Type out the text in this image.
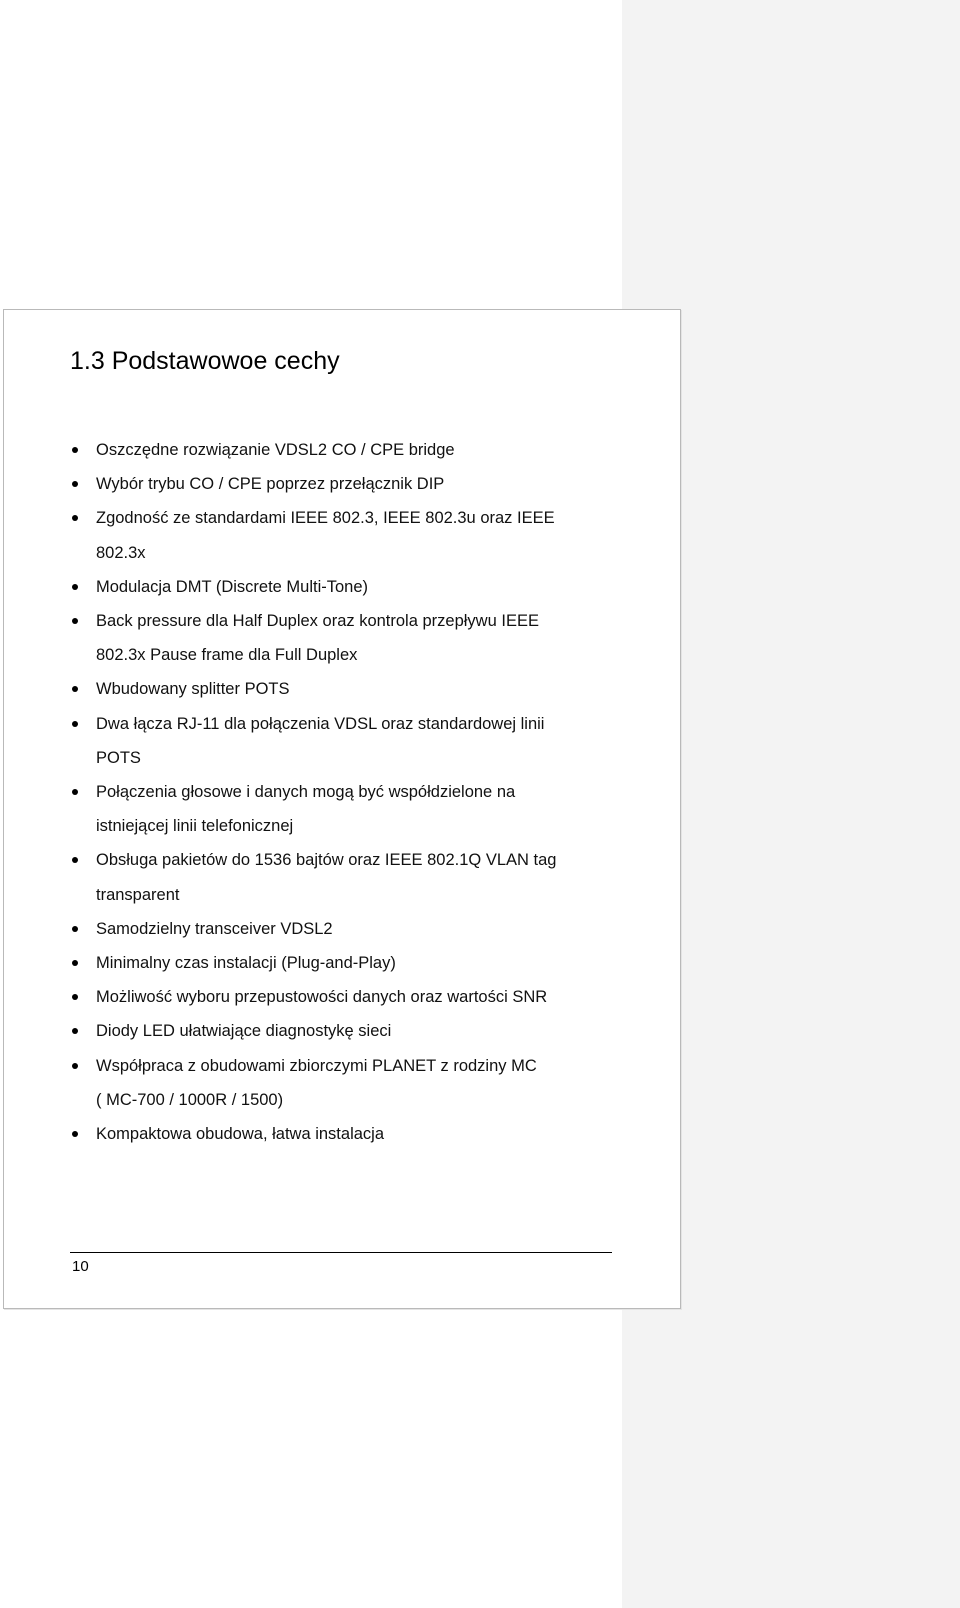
1.3 Podstawowoe cechy
Oszczędne rozwiązanie VDSL2 CO / CPE bridge
Wybór trybu CO / CPE poprzez przełącznik DIP
Zgodność ze standardami IEEE 802.3, IEEE 802.3u oraz IEEE
802.3x
Modulacja DMT (Discrete Multi-Tone)
Back pressure dla Half Duplex oraz kontrola przepływu IEEE
802.3x Pause frame dla Full Duplex
Wbudowany splitter POTS
Dwa łącza RJ-11 dla połączenia VDSL oraz standardowej linii
POTS
Połączenia głosowe i danych mogą być współdzielone na
istniejącej linii telefonicznej
Obsługa pakietów do 1536 bajtów oraz IEEE 802.1Q VLAN tag
transparent
Samodzielny transceiver VDSL2
Minimalny czas instalacji (Plug-and-Play)
Możliwość wyboru przepustowości danych oraz wartości SNR
Diody LED ułatwiające diagnostykę sieci
Współpraca z obudowami zbiorczymi PLANET z rodziny MC
( MC-700 / 1000R / 1500)
Kompaktowa obudowa, łatwa instalacja
10
